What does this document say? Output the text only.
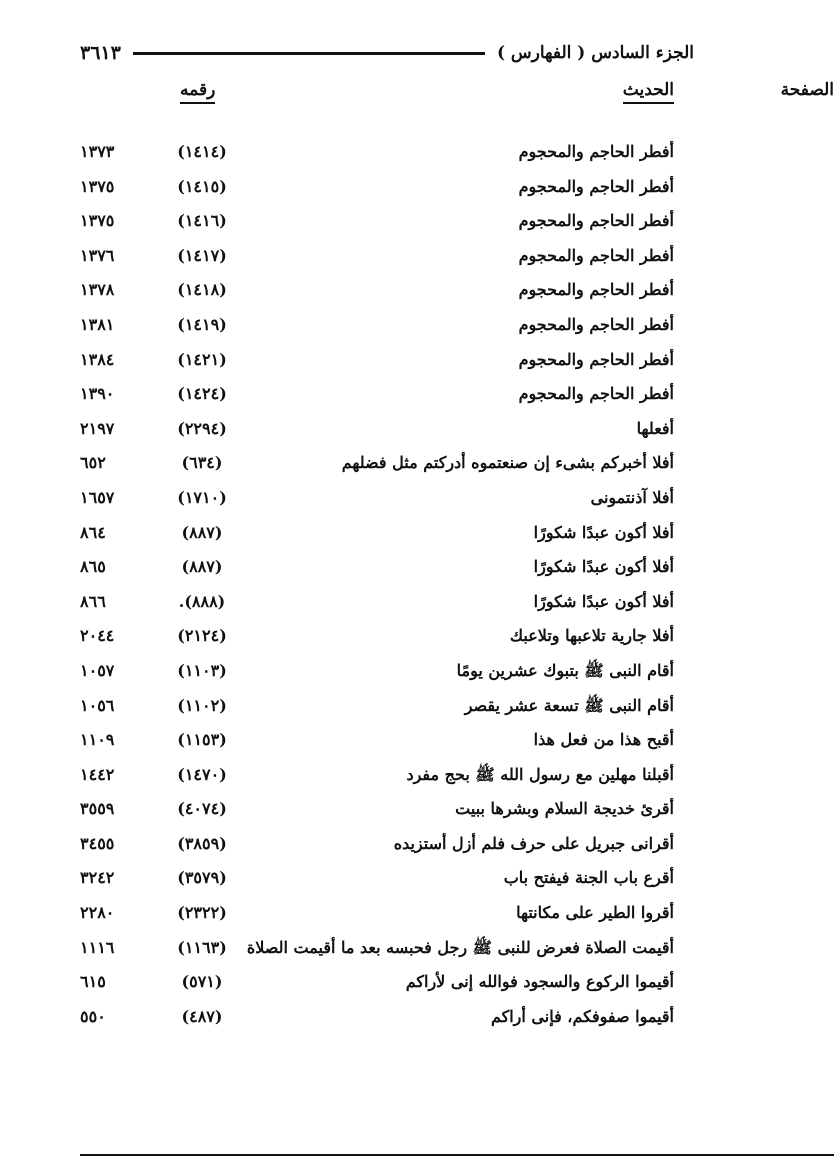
الجزء السادس ( الفهارس )
٣٦١٣
الحديث
رقمه	الصفحة
أفطر الحاجم والمحجوم
(١٤١٤)
١٣٧٣
أفطر الحاجم والمحجوم
(١٤١٥)
١٣٧٥
أفطر الحاجم والمحجوم
(١٤١٦)
١٣٧٥
أفطر الحاجم والمحجوم
(١٤١٧)
١٣٧٦
أفطر الحاجم والمحجوم
(١٤١٨)
١٣٧٨
أفطر الحاجم والمحجوم
(١٤١٩)
١٣٨١
أفطر الحاجم والمحجوم
(١٤٢١)
١٣٨٤
أفطر الحاجم والمحجوم
(١٤٢٤)
١٣٩٠
أفعلها
(٢٢٩٤)
٢١٩٧
أفلا أخبركم بشىء إن صنعتموه أدركتم مثل فضلهم
(٦٣٤)
٦٥٢
أفلا آذنتمونى
(١٧١٠)
١٦٥٧
أفلا أكون عبدًا شكورًا
(٨٨٧)
٨٦٤
أفلا أكون عبدًا شكورًا
(٨٨٧)
٨٦٥
أفلا أكون عبدًا شكورًا
(٨٨٨).
٨٦٦
أفلا جارية تلاعبها وتلاعبك
(٢١٢٤)
٢٠٤٤
أقام النبى ﷺ بتبوك عشرين يومًا
(١١٠٣)
١٠٥٧
أقام النبى ﷺ تسعة عشر يقصر
(١١٠٢)
١٠٥٦
أقبح هذا من فعل هذا
(١١٥٣)
١١٠٩
أقبلنا مهلين مع رسول الله ﷺ بحج مفرد
(١٤٧٠)
١٤٤٢
أقرئ خديجة السلام وبشرها ببيت
(٤٠٧٤)
٣٥٥٩
أقرانى جبريل على حرف فلم أزل أستزيده
(٣٨٥٩)
٣٤٥٥
أقرع باب الجنة فيفتح باب
(٣٥٧٩)
٣٢٤٢
أقروا الطير على مكانتها
(٢٣٢٢)
٢٢٨٠
أقيمت الصلاة فعرض للنبى ﷺ رجل فحبسه بعد ما أقيمت الصلاة
(١١٦٣)
١١١٦
أقيموا الركوع والسجود فوالله إنى لأراكم
(٥٧١)
٦١٥
أقيموا صفوفكم، فإنى أراكم
(٤٨٧)
٥٥٠
